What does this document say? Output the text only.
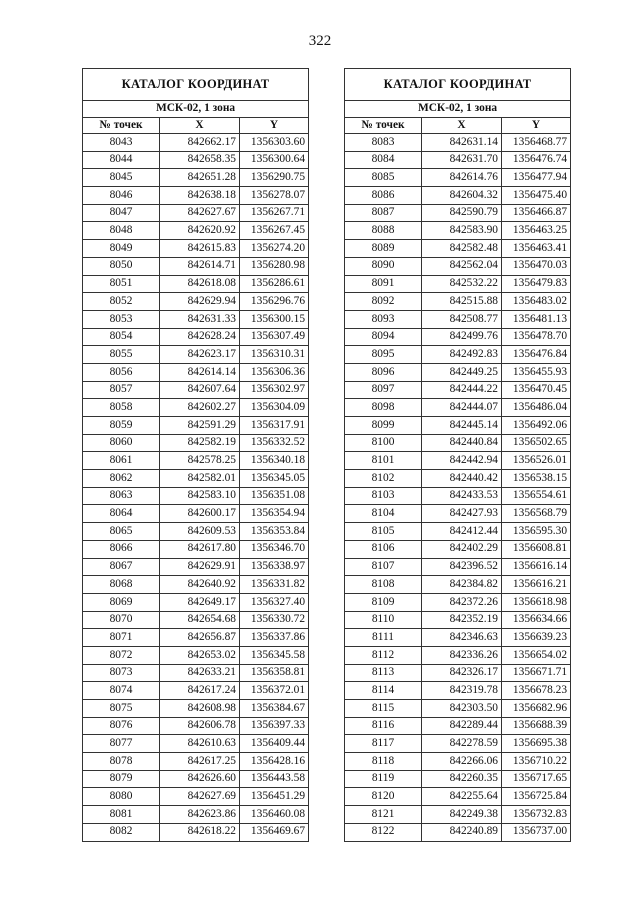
322
КАТАЛОГ КООРДИНАТ		
МСК-02, 1 зона		
№ точек	X	Y
8043	842662.17	1356303.60
8044	842658.35	1356300.64
8045	842651.28	1356290.75
8046	842638.18	1356278.07
8047	842627.67	1356267.71
8048	842620.92	1356267.45
8049	842615.83	1356274.20
8050	842614.71	1356280.98
8051	842618.08	1356286.61
8052	842629.94	1356296.76
8053	842631.33	1356300.15
8054	842628.24	1356307.49
8055	842623.17	1356310.31
8056	842614.14	1356306.36
8057	842607.64	1356302.97
8058	842602.27	1356304.09
8059	842591.29	1356317.91
8060	842582.19	1356332.52
8061	842578.25	1356340.18
8062	842582.01	1356345.05
8063	842583.10	1356351.08
8064	842600.17	1356354.94
8065	842609.53	1356353.84
8066	842617.80	1356346.70
8067	842629.91	1356338.97
8068	842640.92	1356331.82
8069	842649.17	1356327.40
8070	842654.68	1356330.72
8071	842656.87	1356337.86
8072	842653.02	1356345.58
8073	842633.21	1356358.81
8074	842617.24	1356372.01
8075	842608.98	1356384.67
8076	842606.78	1356397.33
8077	842610.63	1356409.44
8078	842617.25	1356428.16
8079	842626.60	1356443.58
8080	842627.69	1356451.29
8081	842623.86	1356460.08
8082	842618.22	1356469.67
КАТАЛОГ КООРДИНАТ		
МСК-02, 1 зона		
№ точек	X	Y
8083	842631.14	1356468.77
8084	842631.70	1356476.74
8085	842614.76	1356477.94
8086	842604.32	1356475.40
8087	842590.79	1356466.87
8088	842583.90	1356463.25
8089	842582.48	1356463.41
8090	842562.04	1356470.03
8091	842532.22	1356479.83
8092	842515.88	1356483.02
8093	842508.77	1356481.13
8094	842499.76	1356478.70
8095	842492.83	1356476.84
8096	842449.25	1356455.93
8097	842444.22	1356470.45
8098	842444.07	1356486.04
8099	842445.14	1356492.06
8100	842440.84	1356502.65
8101	842442.94	1356526.01
8102	842440.42	1356538.15
8103	842433.53	1356554.61
8104	842427.93	1356568.79
8105	842412.44	1356595.30
8106	842402.29	1356608.81
8107	842396.52	1356616.14
8108	842384.82	1356616.21
8109	842372.26	1356618.98
8110	842352.19	1356634.66
8111	842346.63	1356639.23
8112	842336.26	1356654.02
8113	842326.17	1356671.71
8114	842319.78	1356678.23
8115	842303.50	1356682.96
8116	842289.44	1356688.39
8117	842278.59	1356695.38
8118	842266.06	1356710.22
8119	842260.35	1356717.65
8120	842255.64	1356725.84
8121	842249.38	1356732.83
8122	842240.89	1356737.00
